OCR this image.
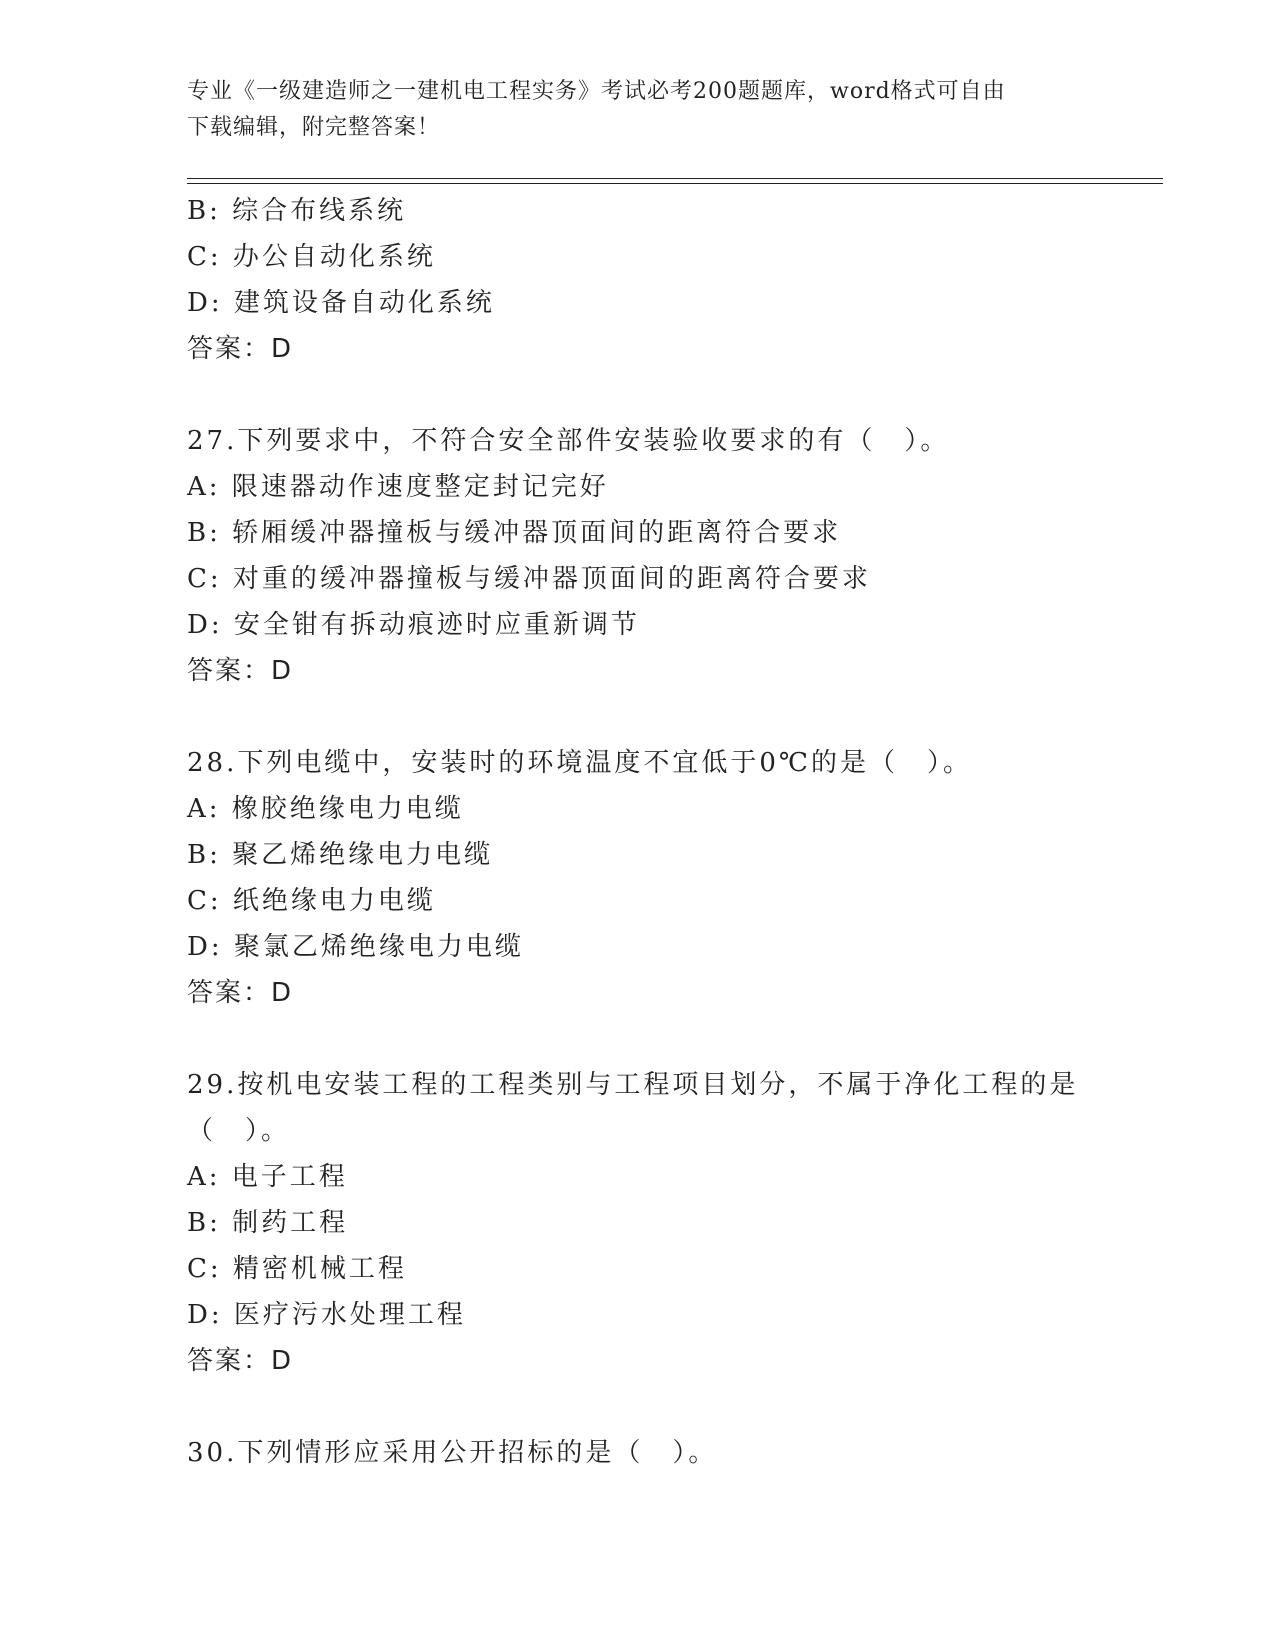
专业《一级建造师之一建机电工程实务》考试必考200题题库，word格式可自由
下载编辑，附完整答案！
B: 综合布线系统
C: 办公自动化系统
D: 建筑设备自动化系统
答案：D
27.下列要求中，不符合安全部件安装验收要求的有（　）。
A: 限速器动作速度整定封记完好
B: 轿厢缓冲器撞板与缓冲器顶面间的距离符合要求
C: 对重的缓冲器撞板与缓冲器顶面间的距离符合要求
D: 安全钳有拆动痕迹时应重新调节
答案：D
28.下列电缆中，安装时的环境温度不宜低于0℃的是（　）。
A: 橡胶绝缘电力电缆
B: 聚乙烯绝缘电力电缆
C: 纸绝缘电力电缆
D: 聚氯乙烯绝缘电力电缆
答案：D
29.按机电安装工程的工程类别与工程项目划分，不属于净化工程的是
（　）。
A: 电子工程
B: 制药工程
C: 精密机械工程
D: 医疗污水处理工程
答案：D
30.下列情形应采用公开招标的是（　）。
